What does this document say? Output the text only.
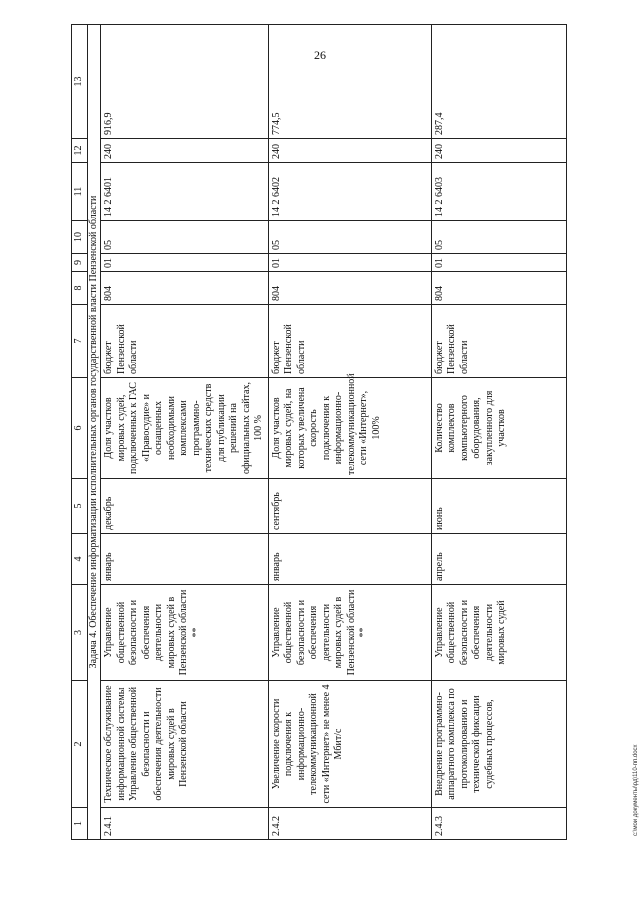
26
1	2	3	4	5	6	7	8	9	10	11	12	13
Задача 4. Обеспечение информатизации исполнительных органов государственной власти Пензенской области												
2.4.1	Техническое обслуживание информационной системы Управление общественной безопасности и обеспечения деятельности мировых судей в Пензенской области	Управление общественной безопасности и обеспечения деятельности мировых судей в Пензенской области **	январь	декабрь	Доля участков мировых судей, подключенных к ГАС «Правосудие» и оснащенных необходимыми комплексами программно-технических средств для публикации решений на официальных сайтах, 100 %	бюджет Пензенской области	804	01	05	14 2 6401	240	916,9
2.4.2	Увеличение скорости подключения к информационно-телекоммуникационной сети «Интернет» не менее 4 Мбит/с	Управление общественной безопасности и обеспечения деятельности мировых судей в Пензенской области **	январь	сентябрь	Доля участков мировых судей, на которых увеличена скорость подключения к информационно-телекоммуникационной сети «Интернет», 100%	бюджет Пензенской области	804	01	05	14 2 6402	240	774,5
2.4.3	Внедрение программно-аппаратного комплекса по протоколированию и технической фиксации судебных процессов,	Управление общественной безопасности и обеспечения деятельности мировых судей	апрель	июнь	Количество комплектов компьютерного оборудования, закупленного для участков	бюджет Пензенской области	804	01	05	14 2 6403	240	287,4
c:\мои документы\рд\110-пп.docx
